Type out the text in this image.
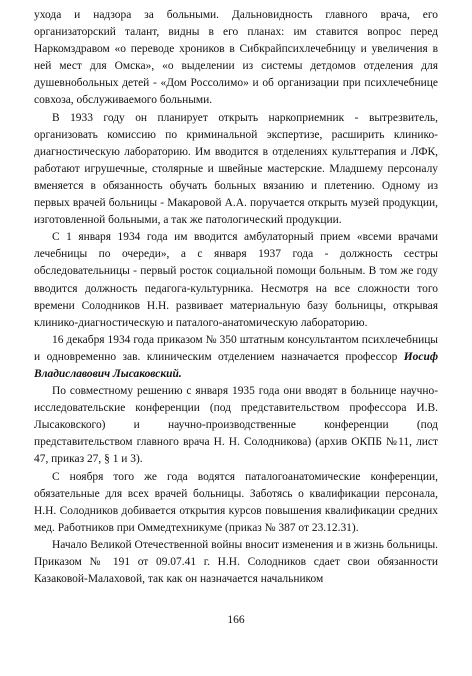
ухода и надзора за больными. Дальновидность главного врача, его организаторский талант, видны в его планах: им ставится вопрос перед Наркомздравом «о переводе хроников в Сибкрайпсихлечебницу и увеличения в ней мест для Омска», «о выделении из системы детдомов отделения для душевнобольных детей - «Дом Россолимо» и об организации при психлечебнице совхоза, обслуживаемого больными.

В 1933 году он планирует открыть наркоприемник - вытрезвитель, организовать комиссию по криминальной экспертизе, расширить клинико-диагностическую лабораторию. Им вводится в отделениях культтерапия и ЛФК, работают игрушечные, столярные и швейные мастерские. Младшему персоналу вменяется в обязанность обучать больных вязанию и плетению. Одному из первых врачей больницы - Макаровой А.А. поручается открыть музей продукции, изготовленной больными, а так же патологический продукции.

С 1 января 1934 года им вводится амбулаторный прием «всеми врачами лечебницы по очереди», а с января 1937 года - должность сестры обследовательницы - первый росток социальной помощи больным. В том же году вводится должность педагога-культурника. Несмотря на все сложности того времени Солодников Н.Н. развивает материальную базу больницы, открывая клинико-диагностическую и паталого-анатомическую лабораторию.

16 декабря 1934 года приказом № 350 штатным консультантом психлечебницы и одновременно зав. клиническим отделением назначается профессор Иосиф Владиславович Лысаковский.

По совместному решению с января 1935 года они вводят в больнице научно-исследовательские конференции (под представительством профессора И.В. Лысаковского) и научно-производственные конференции (под представительством главного врача Н. Н. Солодникова) (архив ОКПБ №11, лист 47, приказ 27, § 1 и 3).

С ноября того же года водятся паталогоанатомические конференции, обязательные для всех врачей больницы. Заботясь о квалификации персонала, Н.Н. Солодников добивается открытия курсов повышения квалификации средних мед. Работников при Оммедтехникуме (приказ № 387 от 23.12.31).

Начало Великой Отечественной войны вносит изменения и в жизнь больницы. Приказом № 191 от 09.07.41 г. Н.Н. Солодников сдает свои обязанности Казаковой-Малаховой, так как он назначается начальником

166
